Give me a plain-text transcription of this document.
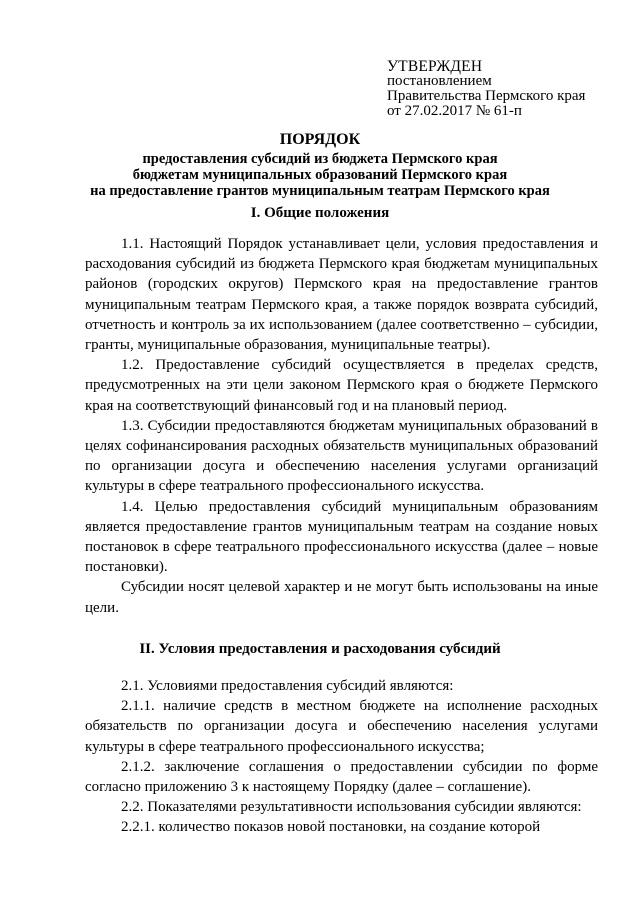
УТВЕРЖДЕН
постановлением
Правительства Пермского края
от 27.02.2017 № 61-п
ПОРЯДОК
предоставления субсидий из бюджета Пермского края
бюджетам муниципальных образований Пермского края
на предоставление грантов муниципальным театрам Пермского края
I. Общие положения
1.1. Настоящий Порядок устанавливает цели, условия предоставления и расходования субсидий из бюджета Пермского края бюджетам муниципальных районов (городских округов) Пермского края на предоставление грантов муниципальным театрам Пермского края, а также порядок возврата субсидий, отчетность и контроль за их использованием (далее соответственно – субсидии, гранты, муниципальные образования, муниципальные театры).
1.2. Предоставление субсидий осуществляется в пределах средств, предусмотренных на эти цели законом Пермского края о бюджете Пермского края на соответствующий финансовый год и на плановый период.
1.3. Субсидии предоставляются бюджетам муниципальных образований в целях софинансирования расходных обязательств муниципальных образований по организации досуга и обеспечению населения услугами организаций культуры в сфере театрального профессионального искусства.
1.4. Целью предоставления субсидий муниципальным образованиям является предоставление грантов муниципальным театрам на создание новых постановок в сфере театрального профессионального искусства (далее – новые постановки).
Субсидии носят целевой характер и не могут быть использованы на иные цели.
II. Условия предоставления и расходования субсидий
2.1. Условиями предоставления субсидий являются:
2.1.1. наличие средств в местном бюджете на исполнение расходных обязательств по организации досуга и обеспечению населения услугами культуры в сфере театрального профессионального искусства;
2.1.2. заключение соглашения о предоставлении субсидии по форме согласно приложению 3 к настоящему Порядку (далее – соглашение).
2.2. Показателями результативности использования субсидии являются:
2.2.1. количество показов новой постановки, на создание которой
